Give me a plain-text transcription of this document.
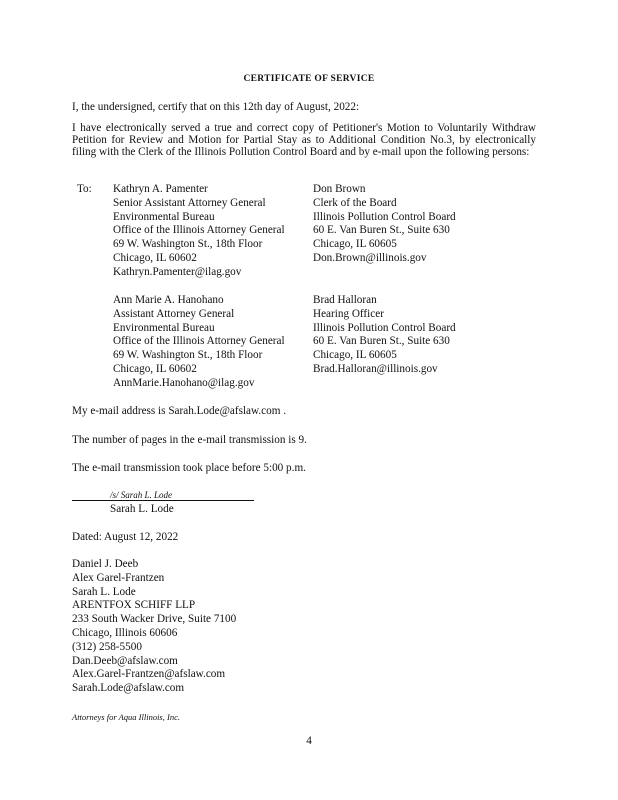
CERTIFICATE OF SERVICE
I, the undersigned, certify that on this 12th day of August, 2022:
I have electronically served a true and correct copy of Petitioner's Motion to Voluntarily Withdraw Petition for Review and Motion for Partial Stay as to Additional Condition No.3, by electronically filing with the Clerk of the Illinois Pollution Control Board and by e-mail upon the following persons:
To: Kathryn A. Pamenter
Senior Assistant Attorney General
Environmental Bureau
Office of the Illinois Attorney General
69 W. Washington St., 18th Floor
Chicago, IL 60602
Kathryn.Pamenter@ilag.gov
Don Brown
Clerk of the Board
Illinois Pollution Control Board
60 E. Van Buren St., Suite 630
Chicago, IL 60605
Don.Brown@illinois.gov
Ann Marie A. Hanohano
Assistant Attorney General
Environmental Bureau
Office of the Illinois Attorney General
69 W. Washington St., 18th Floor
Chicago, IL 60602
AnnMarie.Hanohano@ilag.gov
Brad Halloran
Hearing Officer
Illinois Pollution Control Board
60 E. Van Buren St., Suite 630
Chicago, IL 60605
Brad.Halloran@illinois.gov
My e-mail address is Sarah.Lode@afslaw.com .
The number of pages in the e-mail transmission is 9.
The e-mail transmission took place before 5:00 p.m.
/s/ Sarah L. Lode
Sarah L. Lode
Dated: August 12, 2022
Daniel J. Deeb
Alex Garel-Frantzen
Sarah L. Lode
ARENTFOX SCHIFF LLP
233 South Wacker Drive, Suite 7100
Chicago, Illinois 60606
(312) 258-5500
Dan.Deeb@afslaw.com
Alex.Garel-Frantzen@afslaw.com
Sarah.Lode@afslaw.com
Attorneys for Aqua Illinois, Inc.
4
